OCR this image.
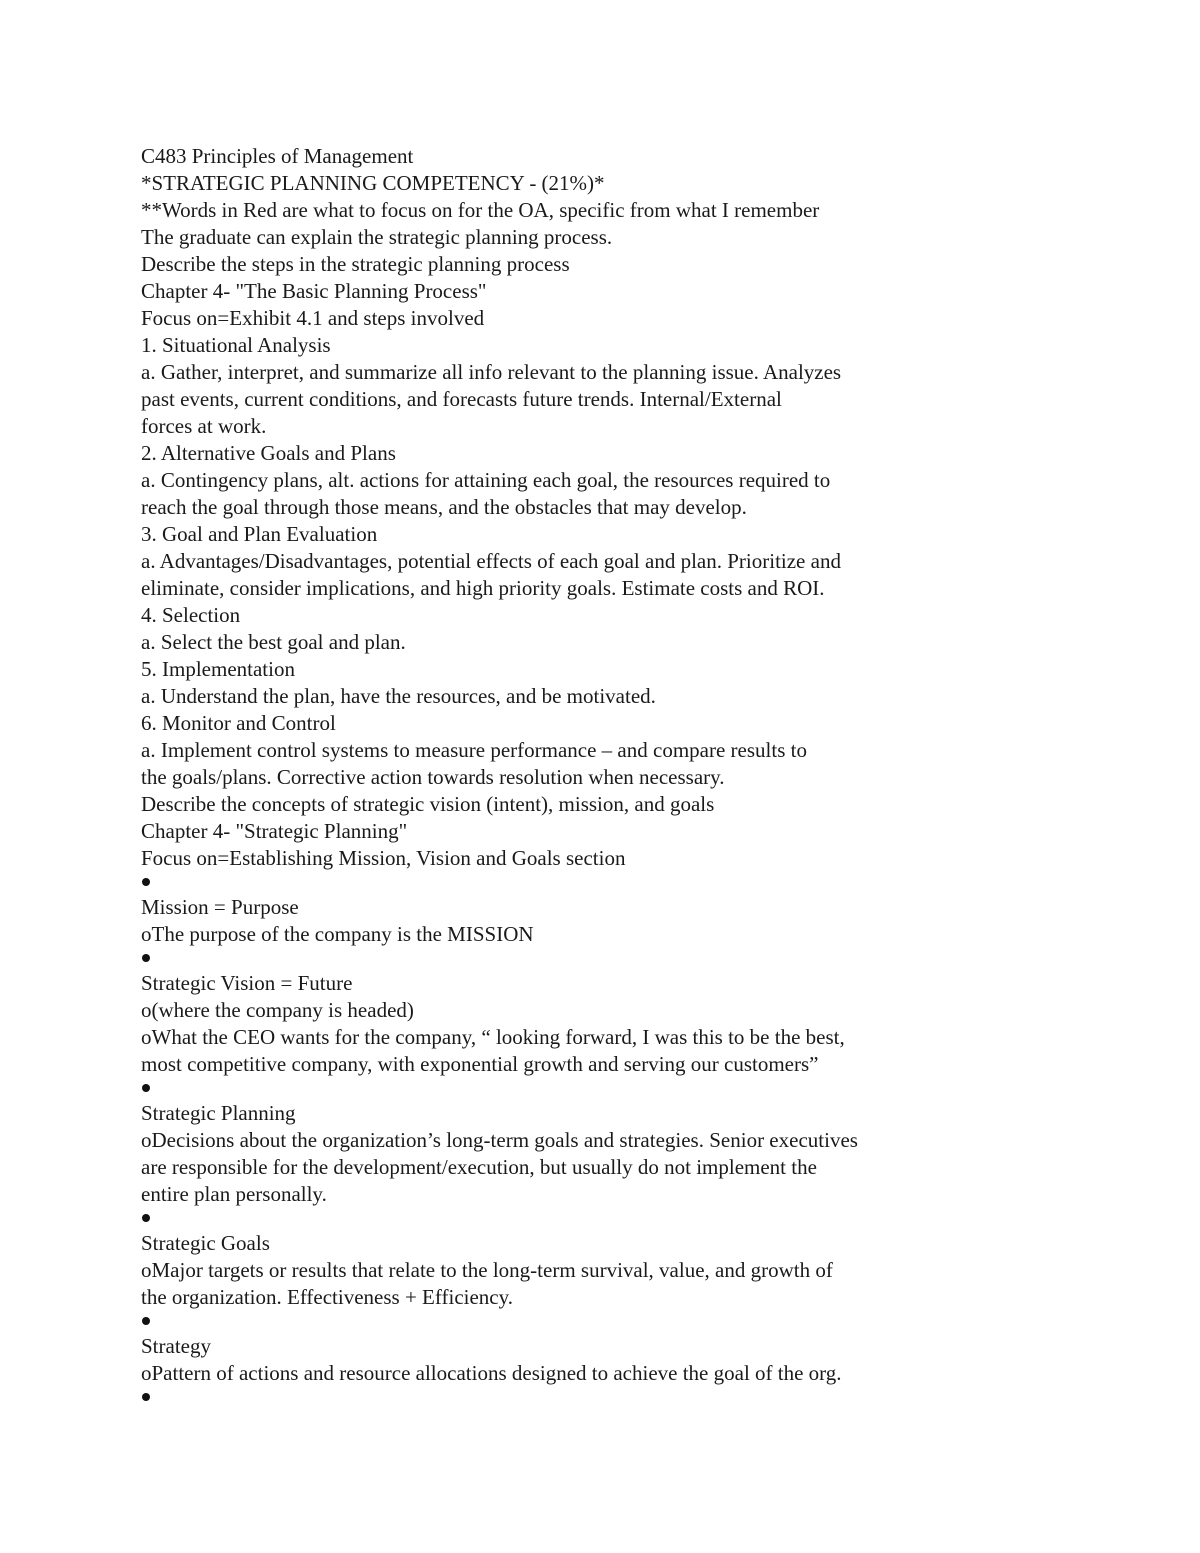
C483 Principles of Management
*STRATEGIC PLANNING COMPETENCY - (21%)*
**Words in Red are what to focus on for the OA, specific from what I remember
The graduate can explain the strategic planning process.
Describe the steps in the strategic planning process
Chapter 4- "The Basic Planning Process"
Focus on=Exhibit 4.1 and steps involved
1. Situational Analysis
a. Gather, interpret, and summarize all info relevant to the planning issue. Analyzes
past events, current conditions, and forecasts future trends. Internal/External
forces at work.
2. Alternative Goals and Plans
a. Contingency plans, alt. actions for attaining each goal, the resources required to
reach the goal through those means, and the obstacles that may develop.
3. Goal and Plan Evaluation
a. Advantages/Disadvantages, potential effects of each goal and plan. Prioritize and
eliminate, consider implications, and high priority goals. Estimate costs and ROI.
4. Selection
a. Select the best goal and plan.
5. Implementation
a. Understand the plan, have the resources, and be motivated.
6. Monitor and Control
a. Implement control systems to measure performance – and compare results to
the goals/plans. Corrective action towards resolution when necessary.
Describe the concepts of strategic vision (intent), mission, and goals
Chapter 4- "Strategic Planning"
Focus on=Establishing Mission, Vision and Goals section
Mission = Purpose
oThe purpose of the company is the MISSION
Strategic Vision = Future
o(where the company is headed)
oWhat the CEO wants for the company, “ looking forward, I was this to be the best,
most competitive company, with exponential growth and serving our customers”
Strategic Planning
oDecisions about the organization’s long-term goals and strategies. Senior executives
are responsible for the development/execution, but usually do not implement the
entire plan personally.
Strategic Goals
oMajor targets or results that relate to the long-term survival, value, and growth of
the organization. Effectiveness + Efficiency.
Strategy
oPattern of actions and resource allocations designed to achieve the goal of the org.
